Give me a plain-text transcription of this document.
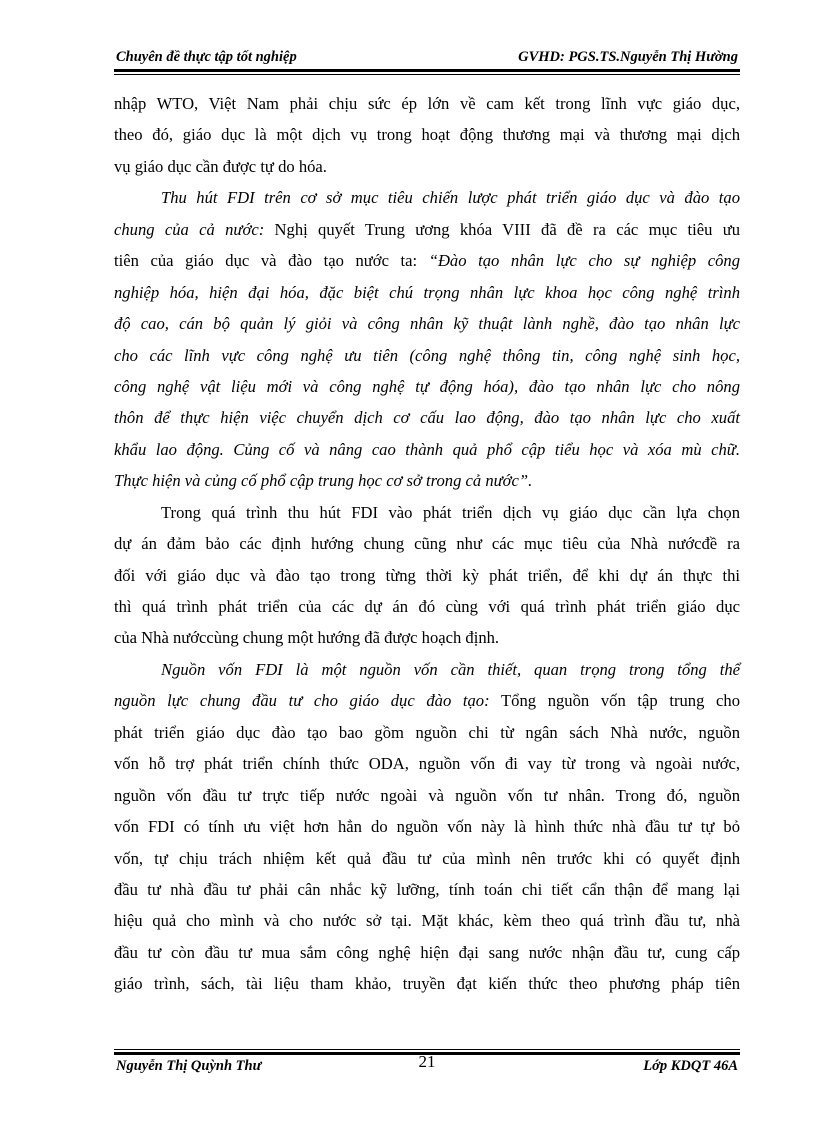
Chuyên đề thực tập tốt nghiệp	GVHD: PGS.TS.Nguyễn Thị Hường
nhập WTO, Việt Nam phải chịu sức ép lớn về cam kết trong lĩnh vực giáo dục,
theo đó, giáo dục là một dịch vụ trong hoạt động thương mại và thương mại dịch
vụ giáo dục cần được tự do hóa.
Thu hút FDI trên cơ sở mục tiêu chiến lược phát triển giáo dục và đào tạo
chung của cả nước: Nghị quyết Trung ương khóa VIII đã đề ra các mục tiêu ưu
tiên của giáo dục và đào tạo nước ta: “Đào tạo nhân lực cho sự nghiệp công
nghiệp hóa, hiện đại hóa, đặc biệt chú trọng nhân lực khoa học công nghệ trình
độ cao, cán bộ quản lý giỏi và công nhân kỹ thuật lành nghề, đào tạo nhân lực
cho các lĩnh vực công nghệ ưu tiên (công nghệ thông tin, công nghệ sinh học,
công nghệ vật liệu mới và công nghệ tự động hóa), đào tạo nhân lực cho nông
thôn để thực hiện việc chuyển dịch cơ cấu lao động, đào tạo nhân lực cho xuất
khẩu lao động. Củng cố và nâng cao thành quả phổ cập tiểu học và xóa mù chữ.
Thực hiện và củng cố phổ cập trung học cơ sở trong cả nước”.
Trong quá trình thu hút FDI vào phát triển dịch vụ giáo dục cần lựa chọn
dự án đảm bảo các định hướng chung cũng như các mục tiêu của Nhà nướcđề ra
đối với giáo dục và đào tạo trong từng thời kỳ phát triển, để khi dự án thực thi
thì quá trình phát triển của các dự án đó cùng với quá trình phát triển giáo dục
của Nhà nướccùng chung một hướng đã được hoạch định.
Nguồn vốn FDI là một nguồn vốn cần thiết, quan trọng trong tổng thể
nguồn lực chung đầu tư cho giáo dục đào tạo: Tổng nguồn vốn tập trung cho
phát triển giáo dục đào tạo bao gồm nguồn chi từ ngân sách Nhà nước, nguồn
vốn hỗ trợ phát triển chính thức ODA, nguồn vốn đi vay từ trong và ngoài nước,
nguồn vốn đầu tư trực tiếp nước ngoài và nguồn vốn tư nhân. Trong đó, nguồn
vốn FDI có tính ưu việt hơn hẳn do nguồn vốn này là hình thức nhà đầu tư tự bỏ
vốn, tự chịu trách nhiệm kết quả đầu tư của mình nên trước khi có quyết định
đầu tư nhà đầu tư phải cân nhắc kỹ lưỡng, tính toán chi tiết cẩn thận để mang lại
hiệu quả cho mình và cho nước sở tại. Mặt khác, kèm theo quá trình đầu tư, nhà
đầu tư còn đầu tư mua sắm công nghệ hiện đại sang nước nhận đầu tư, cung cấp
giáo trình, sách, tài liệu tham khảo, truyền đạt kiến thức theo phương pháp tiên
Nguyễn Thị Quỳnh Thư	21	Lớp KDQT 46A
